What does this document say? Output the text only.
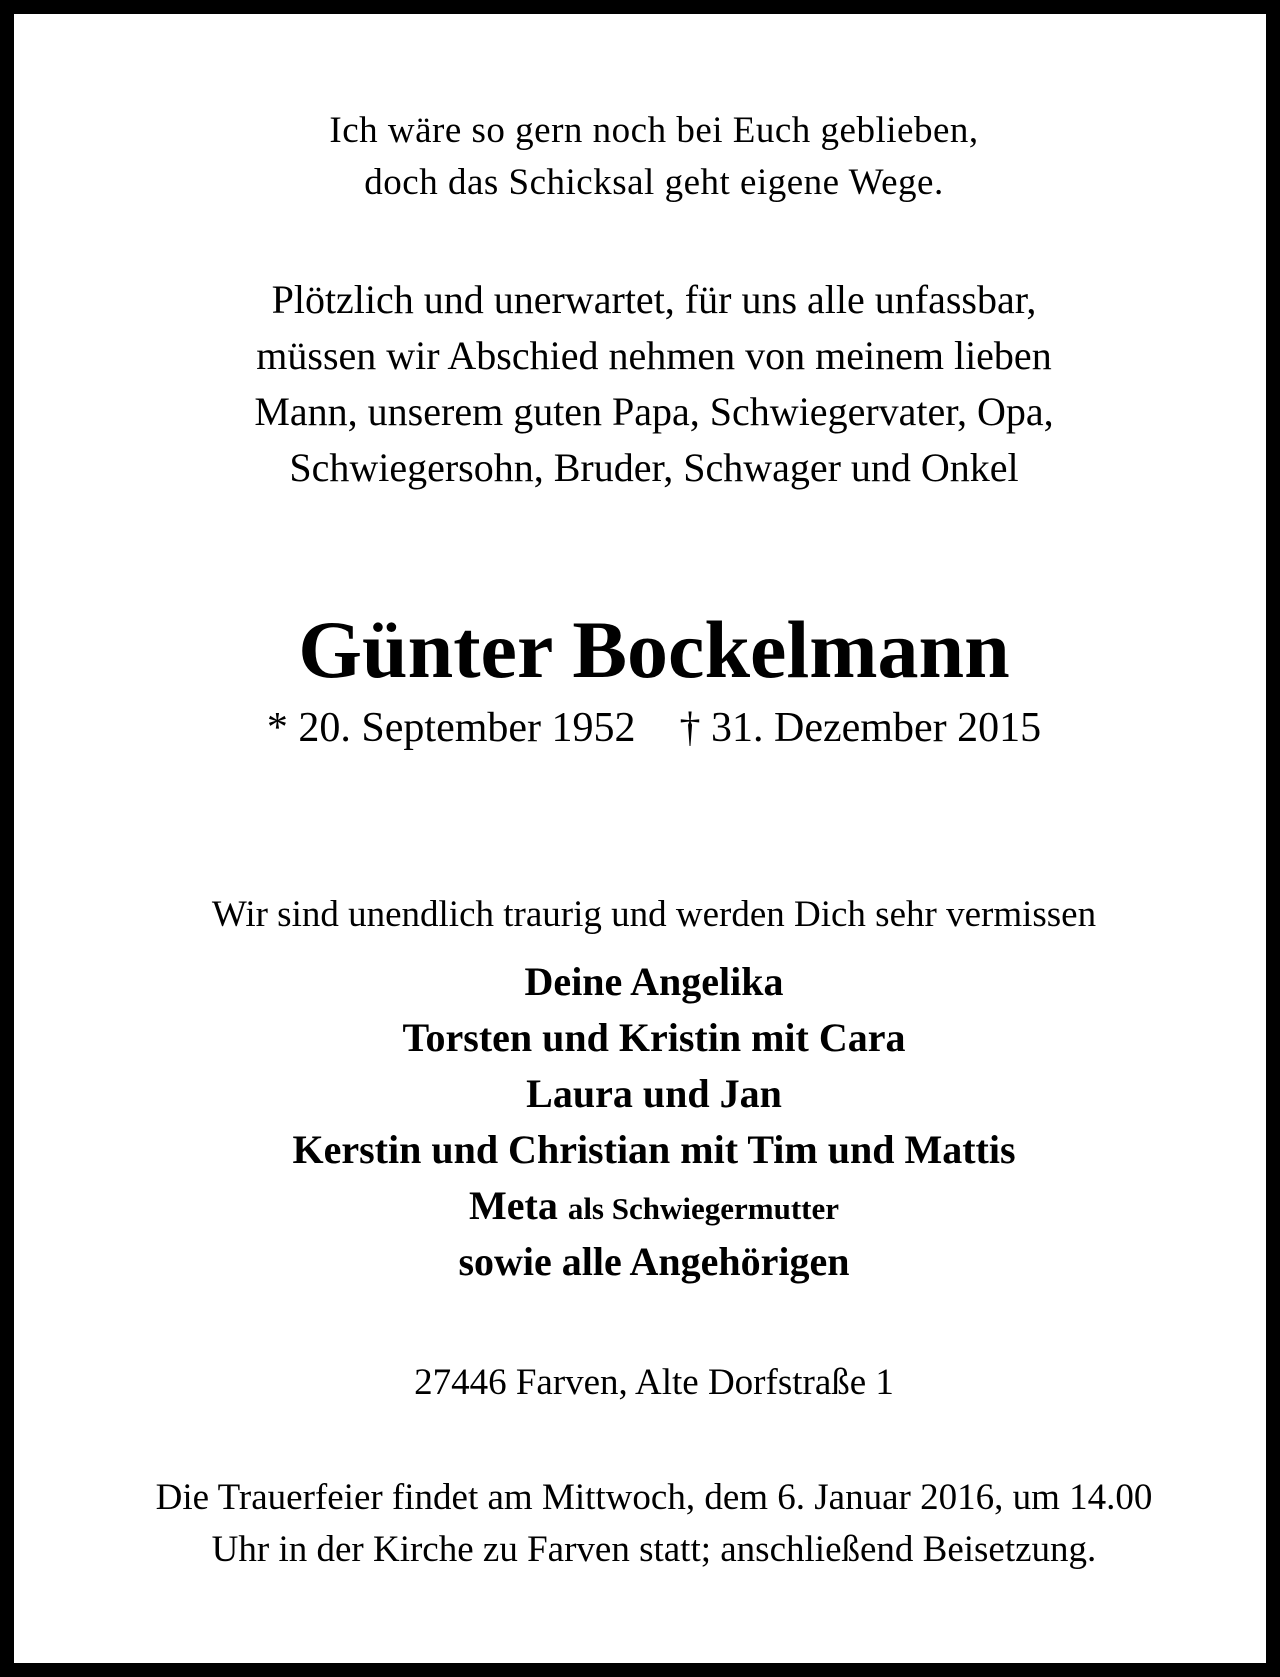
Ich wäre so gern noch bei Euch geblieben,

doch das Schicksal geht eigene Wege.

Plötzlich und unerwartet, für uns alle unfassbar,

müssen wir Abschied nehmen von meinem lieben

Mann, unserem guten Papa, Schwiegervater, Opa,

Schwiegersohn, Bruder, Schwager und Onkel

Günter Bockelmann

* 20. September 1952 † 31. Dezember 2015

Wir sind unendlich traurig und werden Dich sehr vermissen

Deine Angelika

Torsten und Kristin mit Cara

Laura und Jan

Kerstin und Christian mit Tim und Mattis

Meta als Schwiegermutter

sowie alle Angehörigen

27446 Farven, Alte Dorfstraße 1

Die Trauerfeier findet am Mittwoch, dem 6. Januar 2016, um 14.00

Uhr in der Kirche zu Farven statt; anschließend Beisetzung.
